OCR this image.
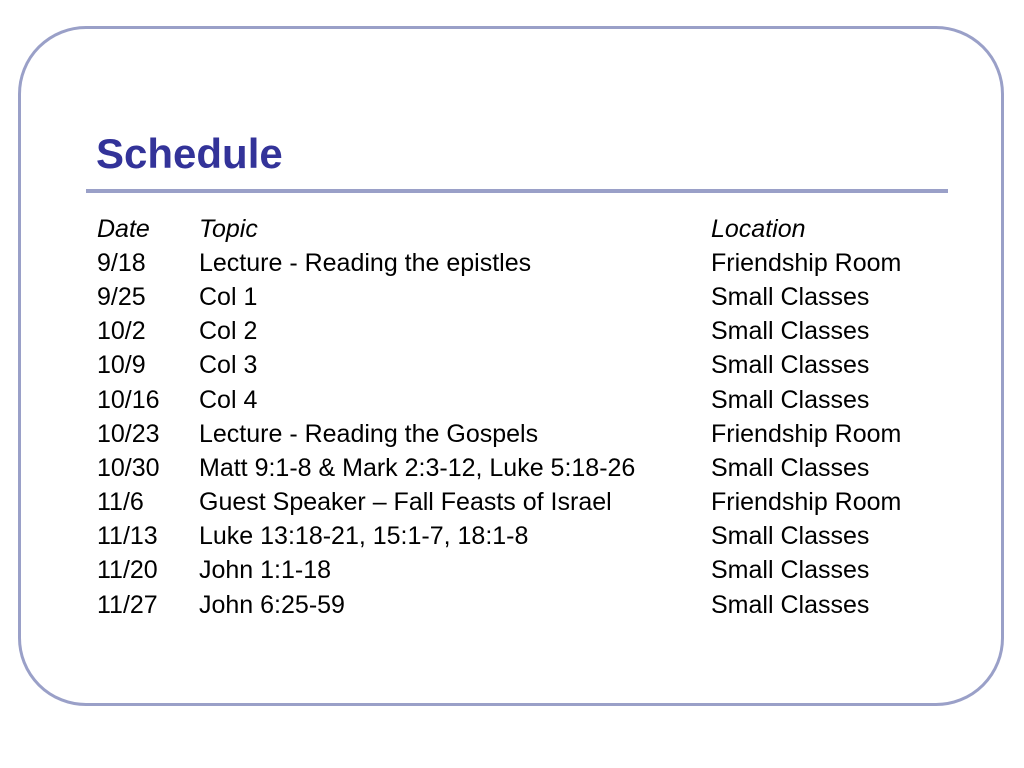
Schedule
Date	Topic	Location
9/18	Lecture - Reading the epistles	Friendship Room
9/25	Col 1	Small Classes
10/2	Col 2	Small Classes
10/9	Col 3	Small Classes
10/16	Col 4	Small Classes
10/23	Lecture - Reading the Gospels	Friendship Room
10/30	Matt 9:1-8 & Mark 2:3-12, Luke 5:18-26	Small Classes
11/6	Guest Speaker – Fall Feasts of Israel	Friendship Room
11/13	Luke 13:18-21, 15:1-7, 18:1-8	Small Classes
11/20	John 1:1-18	Small Classes
11/27	John 6:25-59	Small Classes
